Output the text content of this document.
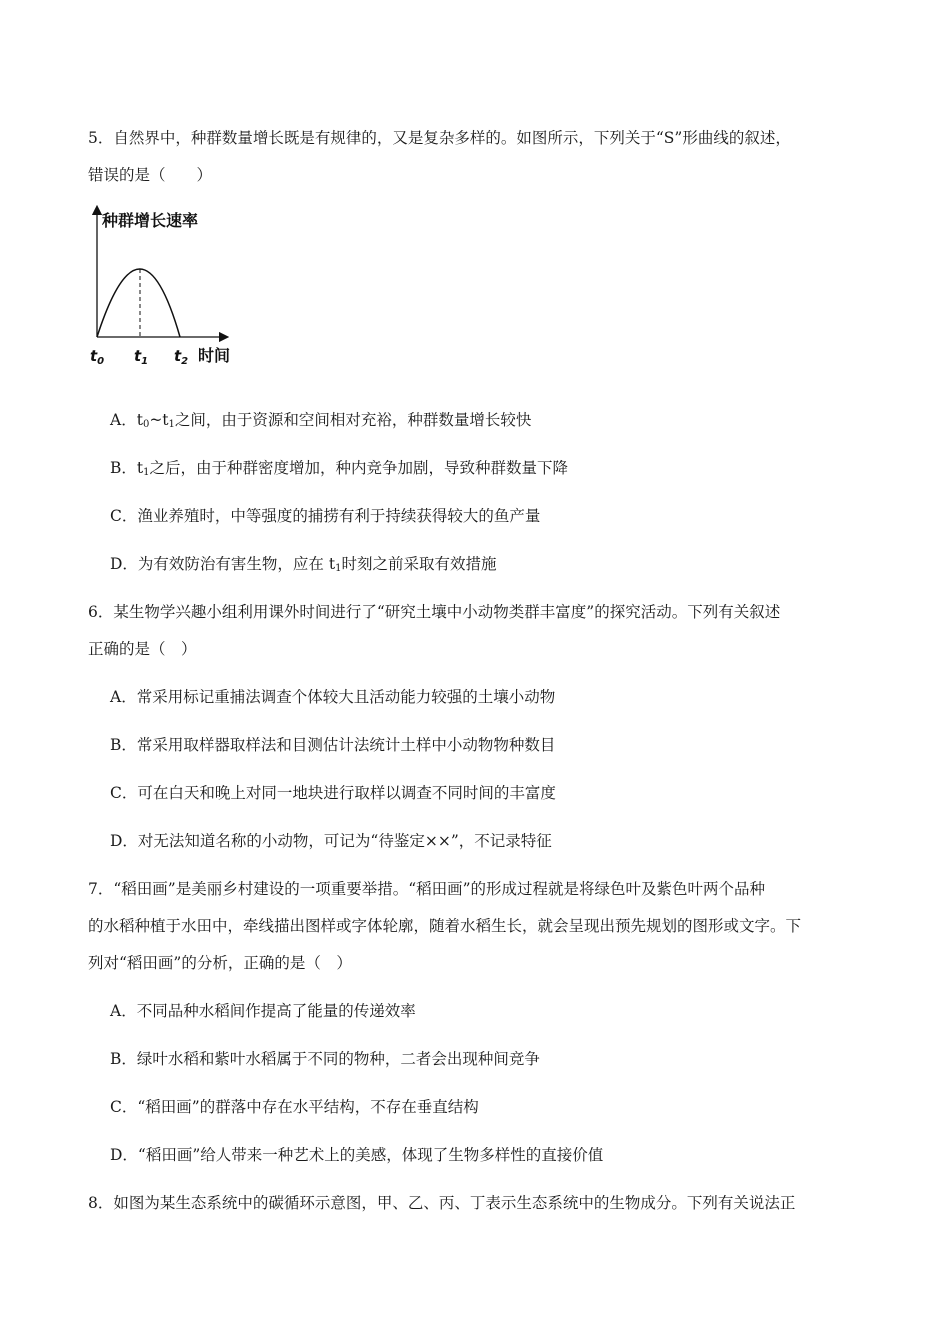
5．自然界中，种群数量增长既是有规律的，又是复杂多样的。如图所示，下列关于“S”形曲线的叙述，
错误的是（　　）
种群增长速率
$t_0$ $t_1$ $t_2$ 时间
A．$t_0\sim t_1$之间，由于资源和空间相对充裕，种群数量增长较快
B．$t_1$之后，由于种群密度增加，种内竞争加剧，导致种群数量下降
C．渔业养殖时，中等强度的捕捞有利于持续获得较大的鱼产量
D．为有效防治有害生物，应在 $t_1$时刻之前采取有效措施
6．某生物学兴趣小组利用课外时间进行了“研究土壤中小动物类群丰富度”的探究活动。下列有关叙述
正确的是（　）
A．常采用标记重捕法调查个体较大且活动能力较强的土壤小动物
B．常采用取样器取样法和目测估计法统计土样中小动物物种数目
C．可在白天和晚上对同一地块进行取样以调查不同时间的丰富度
D．对无法知道名称的小动物，可记为“待鉴定××”，不记录特征
7．“稻田画”是美丽乡村建设的一项重要举措。“稻田画”的形成过程就是将绿色叶及紫色叶两个品种
的水稻种植于水田中，牵线描出图样或字体轮廓，随着水稻生长，就会呈现出预先规划的图形或文字。下
列对“稻田画”的分析，正确的是（　）
A．不同品种水稻间作提高了能量的传递效率
B．绿叶水稻和紫叶水稻属于不同的物种，二者会出现种间竞争
C．“稻田画”的群落中存在水平结构，不存在垂直结构
D．“稻田画”给人带来一种艺术上的美感，体现了生物多样性的直接价值
8．如图为某生态系统中的碳循环示意图，甲、乙、丙、丁表示生态系统中的生物成分。下列有关说法正
